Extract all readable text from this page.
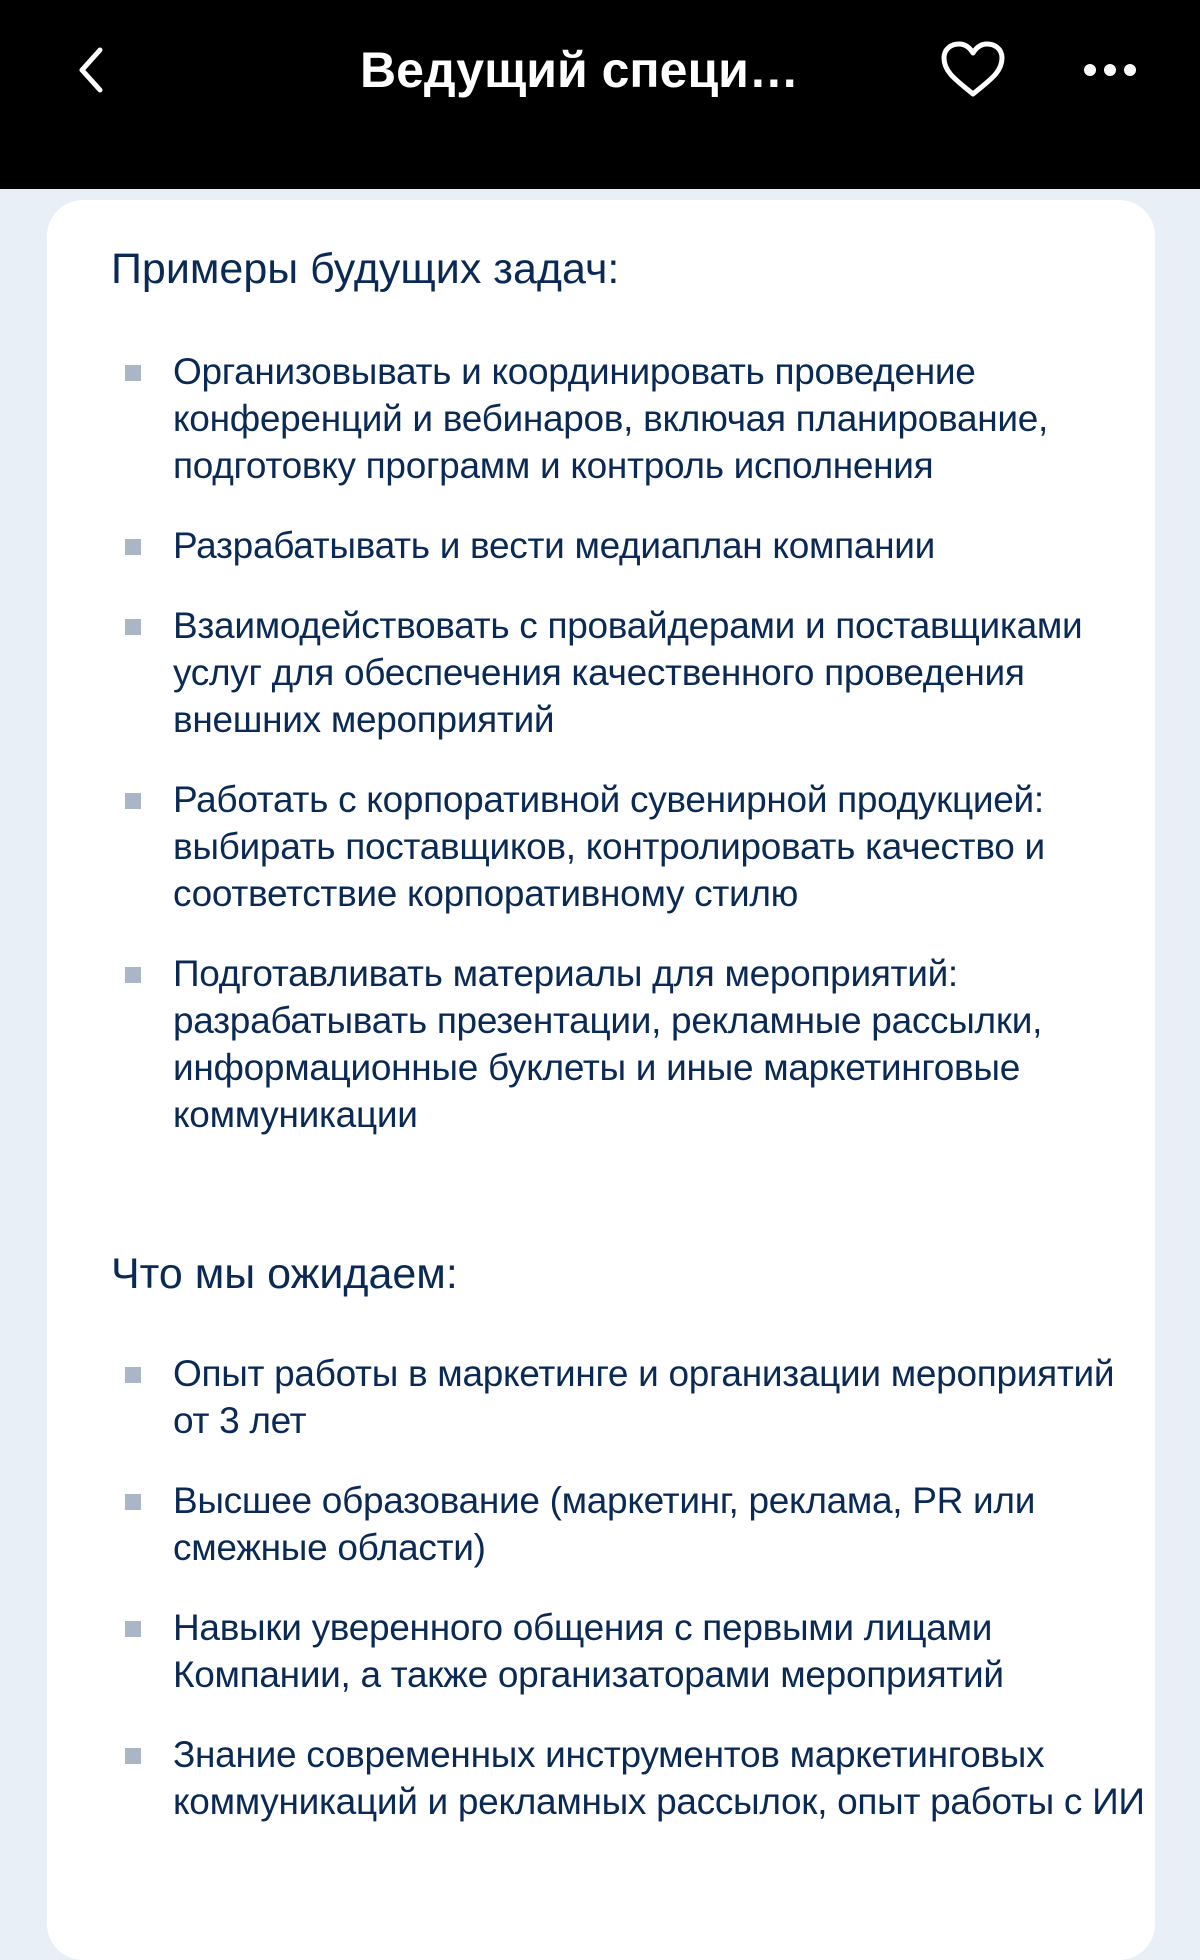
Ведущий специ…
Примеры будущих задач:
Организовывать и координировать проведение конференций и вебинаров, включая планирование, подготовку программ и контроль исполнения
Разрабатывать и вести медиаплан компании
Взаимодействовать с провайдерами и поставщиками услуг для обеспечения качественного проведения внешних мероприятий
Работать с корпоративной сувенирной продукцией: выбирать поставщиков, контролировать качество и соответствие корпоративному стилю
Подготавливать материалы для мероприятий: разрабатывать презентации, рекламные рассылки, информационные буклеты и иные маркетинговые коммуникации
Что мы ожидаем:
Опыт работы в маркетинге и организации мероприятий от 3 лет
Высшее образование (маркетинг, реклама, PR или смежные области)
Навыки уверенного общения с первыми лицами Компании, а также организаторами мероприятий
Знание современных инструментов маркетинговых коммуникаций и рекламных рассылок, опыт работы с ИИ
